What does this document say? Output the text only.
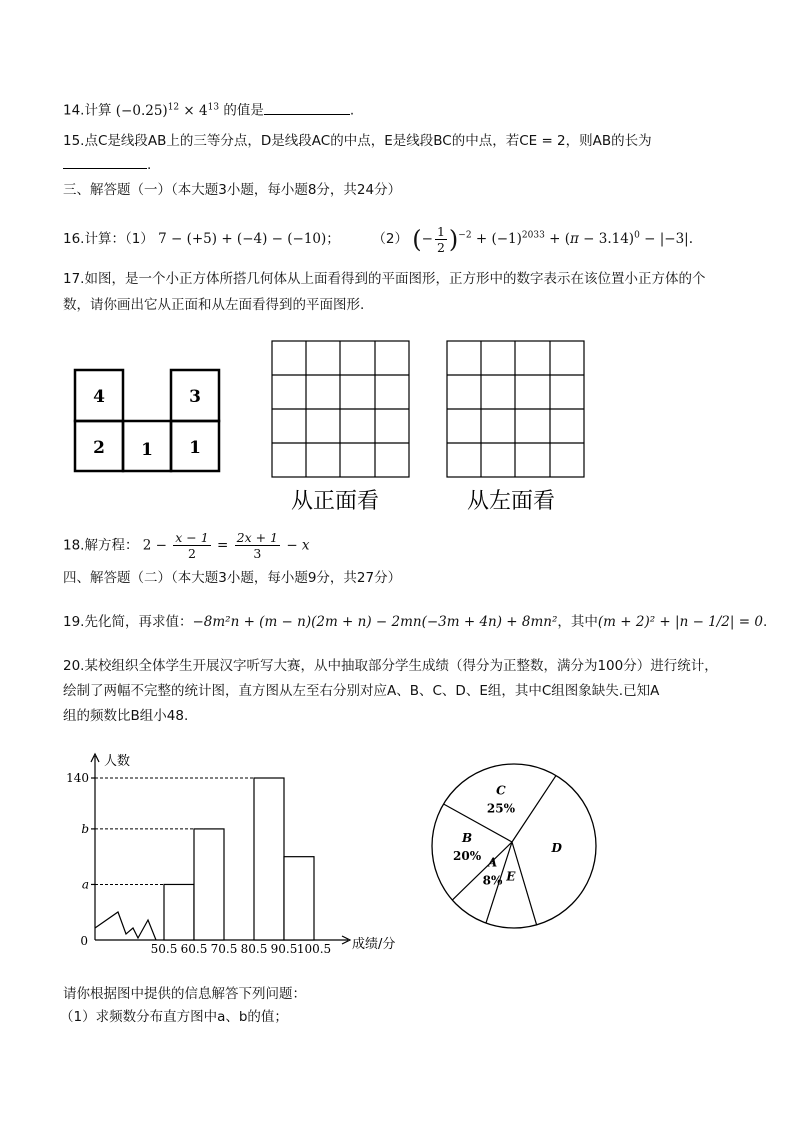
14.计算 $(-0.25)^{12} \times 4^{13}$ 的值是	.
15.点C是线段AB上的三等分点，D是线段AC的中点，E是线段BC的中点，若CE = 2，则AB的长为
.
三、解答题（一）（本大题3小题，每小题8分，共24分）
16.计算：（1） 7 − (+5) + (−4) − (−10)； （2） (− $\frac{1}{2} )^{-2} + (-1)^{2033} + (\pi - 3.14)^0 - |-3|$.
17.如图，是一个小正方体所搭几何体从上面看得到的平面图形，正方形中的数字表示在该位置小正方体的个
数，请你画出它从正面和从左面看得到的平面图形.
4	3
2 1 1
从正面看	从左面看
18.解方程： $2 - \frac{x - 1}{2} = \frac{2x + 1}{3} - x$
四、解答题（二）（本大题3小题，每小题9分，共27分）
19.先化简，再求值：−8m²n + (m − n)(2m + n) − 2mn(−3m + 4n) + 8mn²，其中(m + 2)² + |n − 1/2| = 0.
20.某校组织全体学生开展汉字听写大赛，从中抽取部分学生成绩（得分为正整数，满分为100分）进行统计，
绘制了两幅不完整的统计图，直方图从左至右分别对应A、B、C、D、E组，其中C组图象缺失.已知A
组的频数比B组小48.
a
b
140
50.5 60.5 70.5 80.5 90.5 100.5
人数
成绩/分
0
A
8%
B
20%
C
25%
D
E
请你根据图中提供的信息解答下列问题：
（1）求频数分布直方图中a、b的值；
